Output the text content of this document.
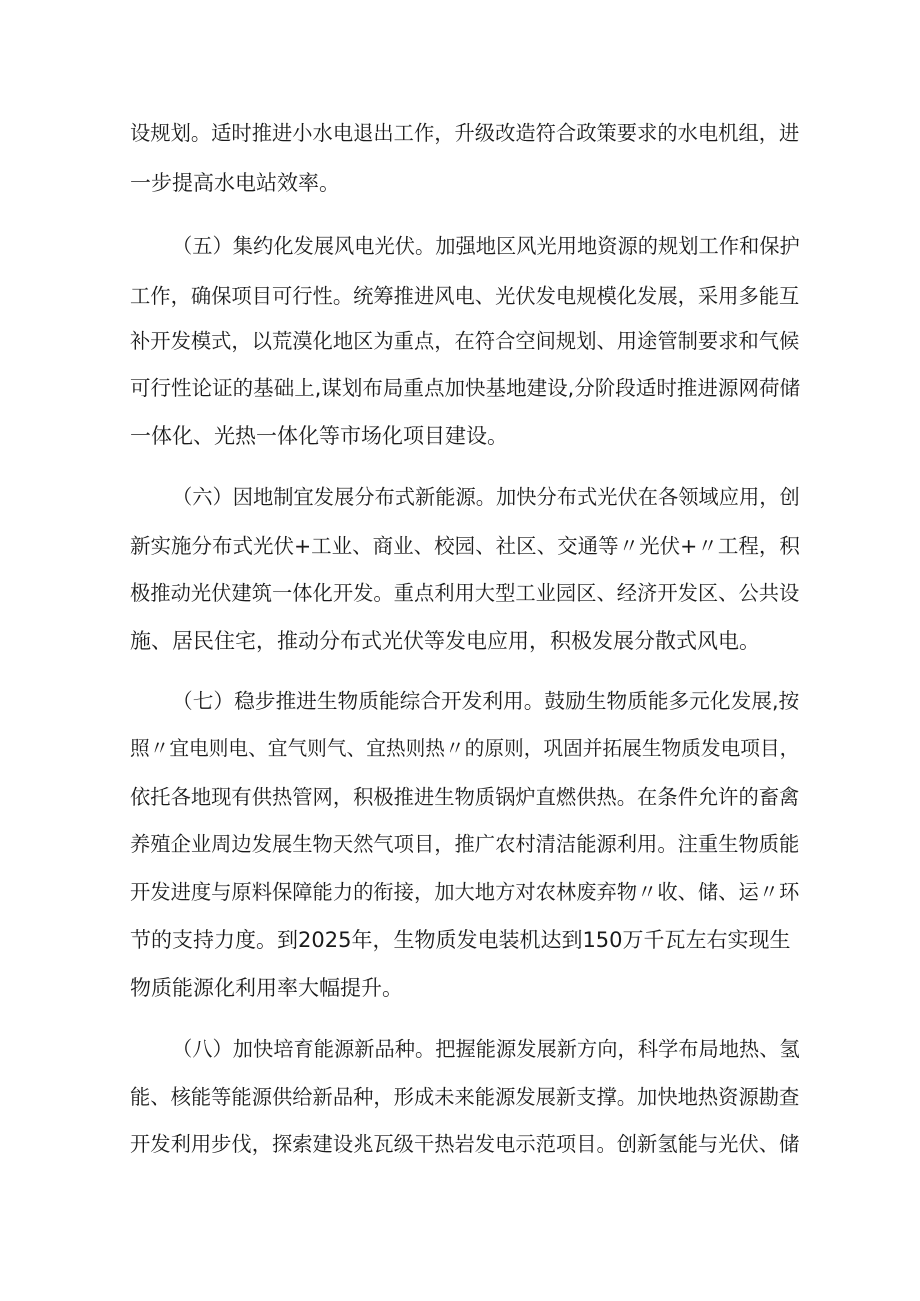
设规划。适时推进小水电退出工作，升级改造符合政策要求的水电机组，进

一步提高水电站效率。

（五）集约化发展风电光伏。加强地区风光用地资源的规划工作和保护

工作，确保项目可行性。统筹推进风电、光伏发电规模化发展，采用多能互

补开发模式，以荒漠化地区为重点，在符合空间规划、用途管制要求和气候

可行性论证的基础上,谋划布局重点加快基地建设,分阶段适时推进源网荷储

一体化、光热一体化等市场化项目建设。

（六）因地制宜发展分布式新能源。加快分布式光伏在各领域应用，创

新实施分布式光伏+工业、商业、校园、社区、交通等〃光伏+〃工程，积

极推动光伏建筑一体化开发。重点利用大型工业园区、经济开发区、公共设

施、居民住宅，推动分布式光伏等发电应用，积极发展分散式风电。

（七）稳步推进生物质能综合开发利用。鼓励生物质能多元化发展,按

照〃宜电则电、宜气则气、宜热则热〃的原则，巩固并拓展生物质发电项目，

依托各地现有供热管网，积极推进生物质锅炉直燃供热。在条件允许的畜禽

养殖企业周边发展生物天然气项目，推广农村清洁能源利用。注重生物质能

开发进度与原料保障能力的衔接，加大地方对农林废弃物〃收、储、运〃环

节的支持力度。到2025年，生物质发电装机达到150万千瓦左右实现生

物质能源化利用率大幅提升。

（八）加快培育能源新品种。把握能源发展新方向，科学布局地热、氢

能、核能等能源供给新品种，形成未来能源发展新支撑。加快地热资源勘查

开发利用步伐，探索建设兆瓦级干热岩发电示范项目。创新氢能与光伏、储
